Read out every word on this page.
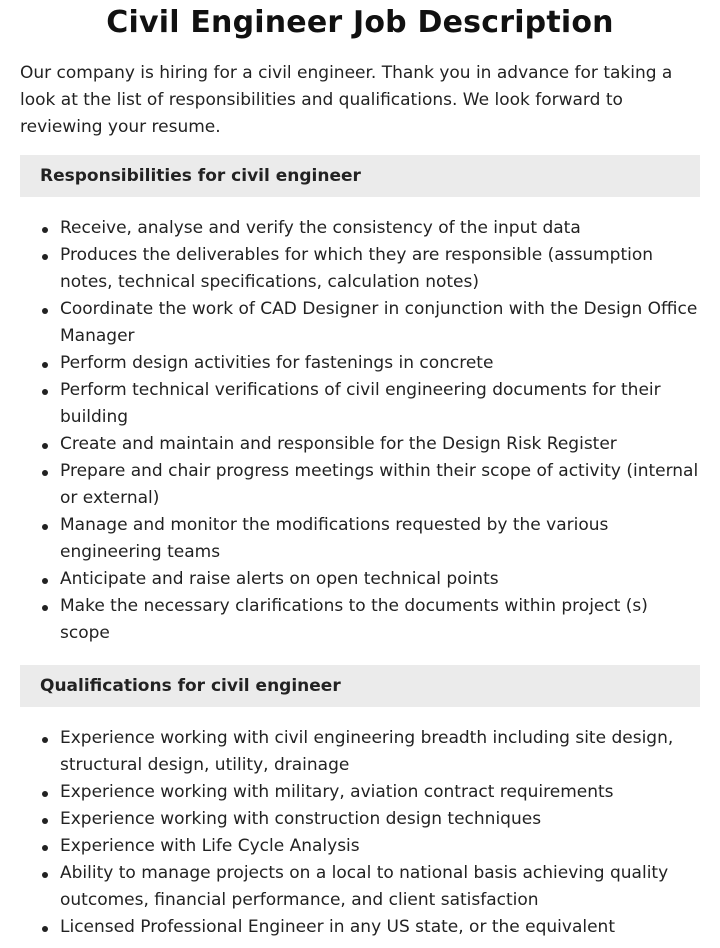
Civil Engineer Job Description

Our company is hiring for a civil engineer. Thank you in advance for taking a look at the list of responsibilities and qualifications. We look forward to reviewing your resume.

Responsibilities for civil engineer
Receive, analyse and verify the consistency of the input data
Produces the deliverables for which they are responsible (assumption notes, technical specifications, calculation notes)
Coordinate the work of CAD Designer in conjunction with the Design Office Manager
Perform design activities for fastenings in concrete
Perform technical verifications of civil engineering documents for their building
Create and maintain and responsible for the Design Risk Register
Prepare and chair progress meetings within their scope of activity (internal or external)
Manage and monitor the modifications requested by the various engineering teams
Anticipate and raise alerts on open technical points
Make the necessary clarifications to the documents within project (s) scope
Qualifications for civil engineer
Experience working with civil engineering breadth including site design, structural design, utility, drainage
Experience working with military, aviation contract requirements
Experience working with construction design techniques
Experience with Life Cycle Analysis
Ability to manage projects on a local to national basis achieving quality outcomes, financial performance, and client satisfaction
Licensed Professional Engineer in any US state, or the equivalent
